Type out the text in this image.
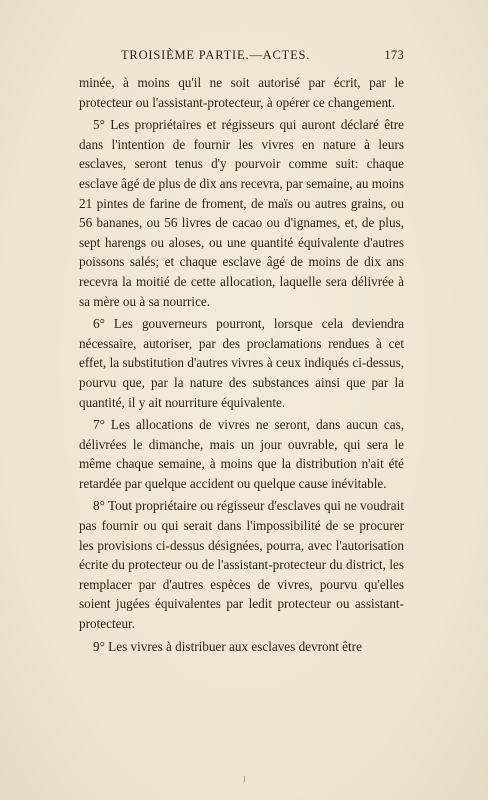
TROISIÈME PARTIE.—ACTES.	173

minée, à moins qu'il ne soit autorisé par écrit, par le protecteur ou l'assistant-protecteur, à opérer ce changement.

5° Les propriétaires et régisseurs qui auront déclaré être dans l'intention de fournir les vivres en nature à leurs esclaves, seront tenus d'y pourvoir comme suit: chaque esclave âgé de plus de dix ans recevra, par semaine, au moins 21 pintes de farine de froment, de maïs ou autres grains, ou 56 bananes, ou 56 livres de cacao ou d'ignames, et, de plus, sept harengs ou aloses, ou une quantité équivalente d'autres poissons salés; et chaque esclave âgé de moins de dix ans recevra la moitié de cette allocation, laquelle sera délivrée à sa mère ou à sa nourrice.

6° Les gouverneurs pourront, lorsque cela deviendra nécessaire, autoriser, par des proclamations rendues à cet effet, la substitution d'autres vivres à ceux indiqués ci-dessus, pourvu que, par la nature des substances ainsi que par la quantité, il y ait nourriture équivalente.

7° Les allocations de vivres ne seront, dans aucun cas, délivrées le dimanche, mais un jour ouvrable, qui sera le même chaque semaine, à moins que la distribution n'ait été retardée par quelque accident ou quelque cause inévitable.

8° Tout propriétaire ou régisseur d'esclaves qui ne voudrait pas fournir ou qui serait dans l'impossibilité de se procurer les provisions ci-dessus désignées, pourra, avec l'autorisation écrite du protecteur ou de l'assistant-protecteur du district, les remplacer par d'autres espèces de vivres, pourvu qu'elles soient jugées équivalentes par ledit protecteur ou assistant-protecteur.

9° Les vivres à distribuer aux esclaves devront être
